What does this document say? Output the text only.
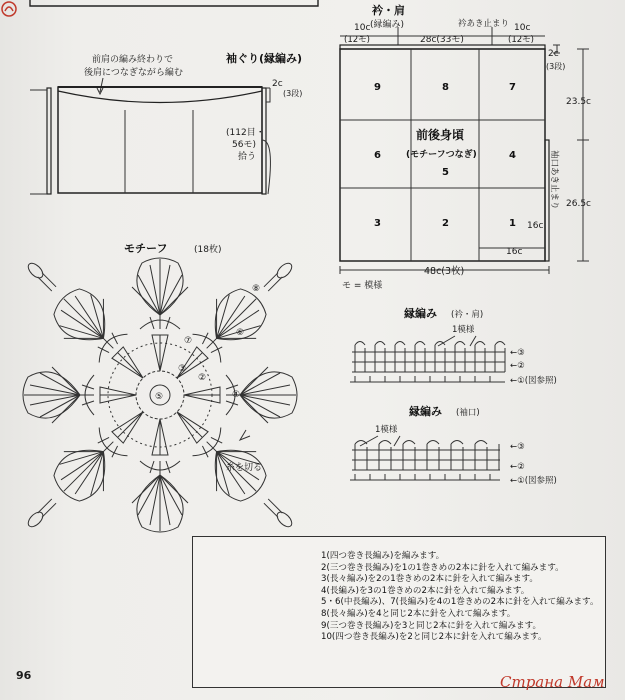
前肩の編み終わりで
後肩につなぎながら編む
袖ぐり(縁編み)
2c
(3段)
(112目・
56モ)
拾う
衿・肩
(縁編み)	衿あき止まり
10c
(12モ)	28c(33モ)
10c
(12モ)
9	8	7
6
5
4
3	2	1
前後身頃
(モチーフつなぎ)
2c
(3段)
23.5c
26.5c
袖口あき止まり
16c
16c
48c(3枚)
モ = 模様
モチーフ	(18枚)
⑤
②
③
④
⑥
⑦
⑧
糸を切る
縁編み (衿・肩)
1模様
←③
←②
←①(図参照)
縁編み (袖口)
1模様
←③
←②
←①(図参照)
1(四つ巻き長編み)を編みます。
2(三つ巻き長編み)を1の1巻きめの2本に針を入れて編みます。
3(長々編み)を2の1巻きめの2本に針を入れて編みます。
4(長編み)を3の1巻きめの2本に針を入れて編みます。
5・6(中長編み)、7(長編み)を4の1巻きめの2本に針を入れて編みます。
8(長々編み)を4と同じ2本に針を入れて編みます。
9(三つ巻き長編み)を3と同じ2本に針を入れて編みます。
10(四つ巻き長編み)を2と同じ2本に針を入れて編みます。
96	Страна Мам
